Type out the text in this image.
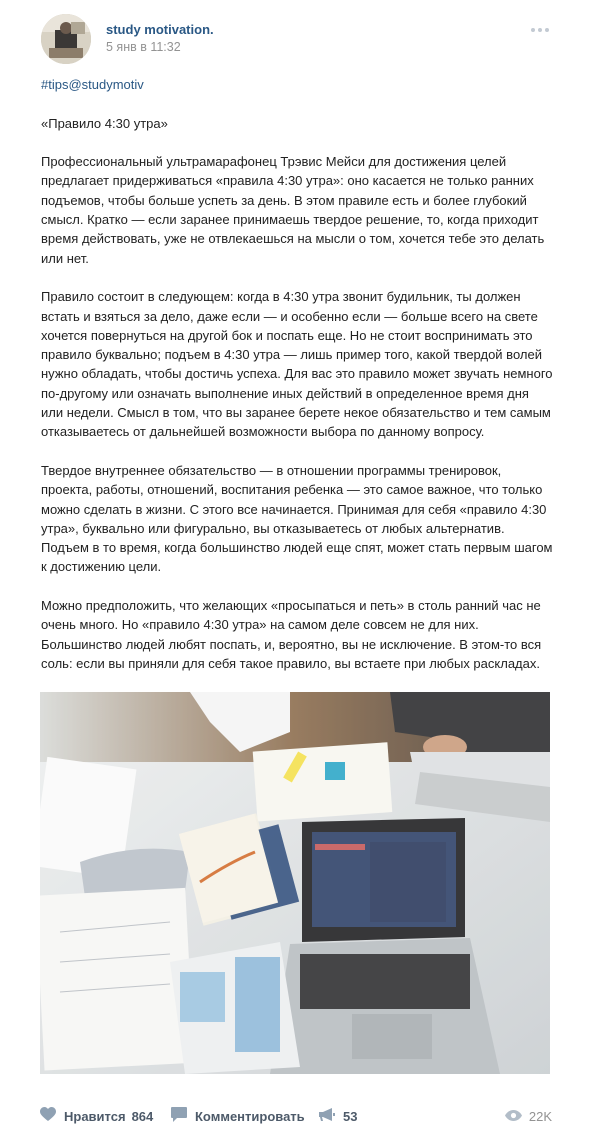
study motivation.
5 янв в 11:32
#tips@studymotiv

«Правило 4:30 утра»

Профессиональный ультрамарафонец Трэвис Мейси для достижения целей предлагает придерживаться «правила 4:30 утра»: оно касается не только ранних подъемов, чтобы больше успеть за день. В этом правиле есть и более глубокий смысл. Кратко — если заранее принимаешь твердое решение, то, когда приходит время действовать, уже не отвлекаешься на мысли о том, хочется тебе это делать или нет.

Правило состоит в следующем: когда в 4:30 утра звонит будильник, ты должен встать и взяться за дело, даже если — и особенно если — больше всего на свете хочется повернуться на другой бок и поспать еще. Но не стоит воспринимать это правило буквально; подъем в 4:30 утра — лишь пример того, какой твердой волей нужно обладать, чтобы достичь успеха. Для вас это правило может звучать немного по-другому или означать выполнение иных действий в определенное время дня или недели. Смысл в том, что вы заранее берете некое обязательство и тем самым отказываетесь от дальнейшей возможности выбора по данному вопросу.

Твердое внутреннее обязательство — в отношении программы тренировок, проекта, работы, отношений, воспитания ребенка — это самое важное, что только можно сделать в жизни. С этого все начинается. Принимая для себя «правило 4:30 утра», буквально или фигурально, вы отказываетесь от любых альтернатив. Подъем в то время, когда большинство людей еще спят, может стать первым шагом к достижению цели.

Можно предположить, что желающих «просыпаться и петь» в столь ранний час не очень много. Но «правило 4:30 утра» на самом деле совсем не для них. Большинство людей любят поспать, и, вероятно, вы не исключение. В этом-то вся соль: если вы приняли для себя такое правило, вы встаете при любых раскладах.

Нравится 864	Комментировать	53	22K
